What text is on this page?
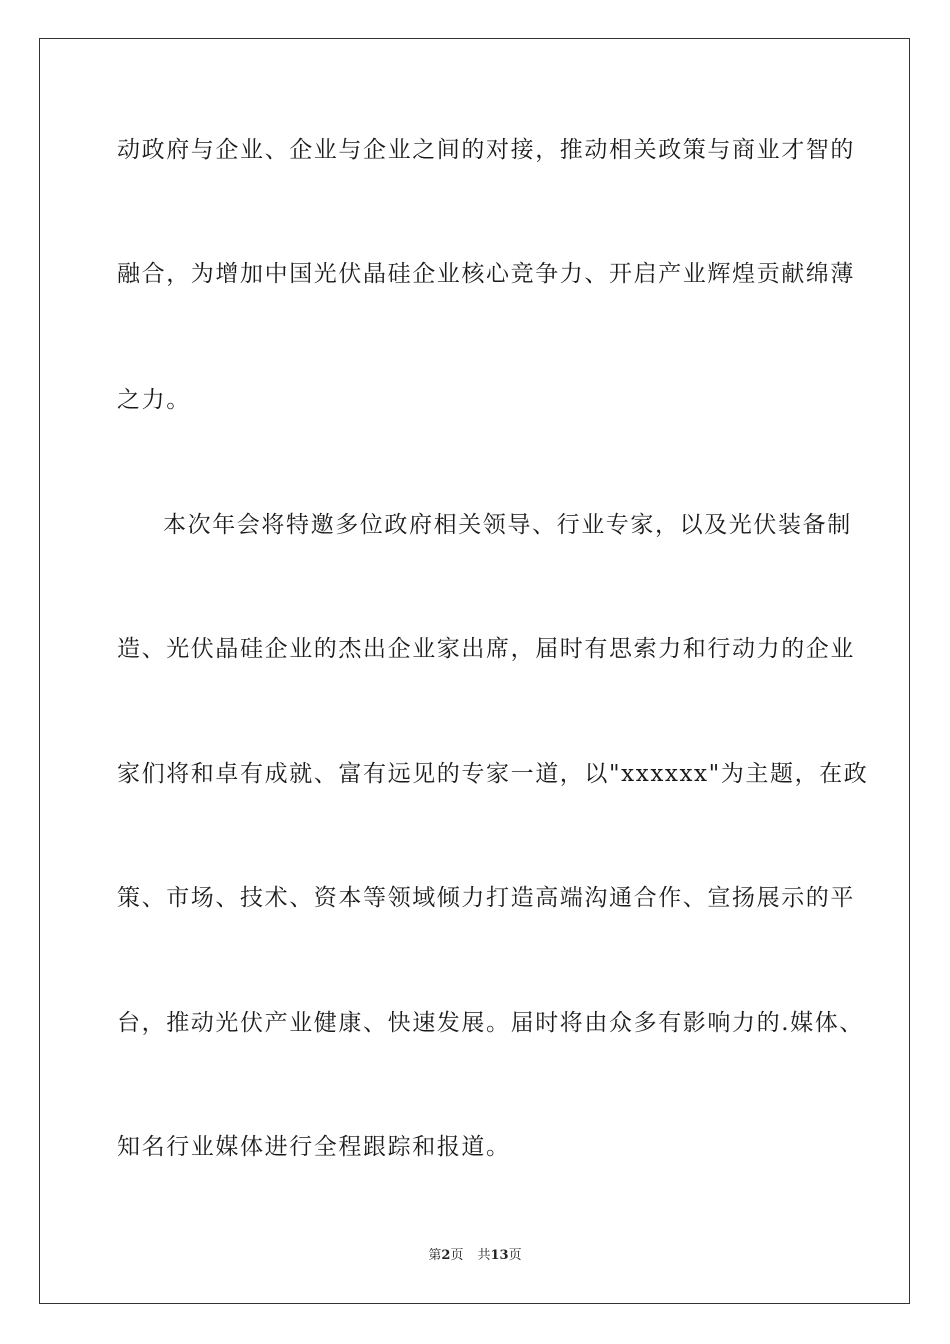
动政府与企业、企业与企业之间的对接，推动相关政策与商业才智的
融合，为增加中国光伏晶硅企业核心竞争力、开启产业辉煌贡献绵薄
之力。
本次年会将特邀多位政府相关领导、行业专家，以及光伏装备制
造、光伏晶硅企业的杰出企业家出席，届时有思索力和行动力的企业
家们将和卓有成就、富有远见的专家一道，以"xxxxxx"为主题，在政
策、市场、技术、资本等领域倾力打造高端沟通合作、宣扬展示的平
台，推动光伏产业健康、快速发展。届时将由众多有影响力的.媒体、
知名行业媒体进行全程跟踪和报道。
第2页 共13页
